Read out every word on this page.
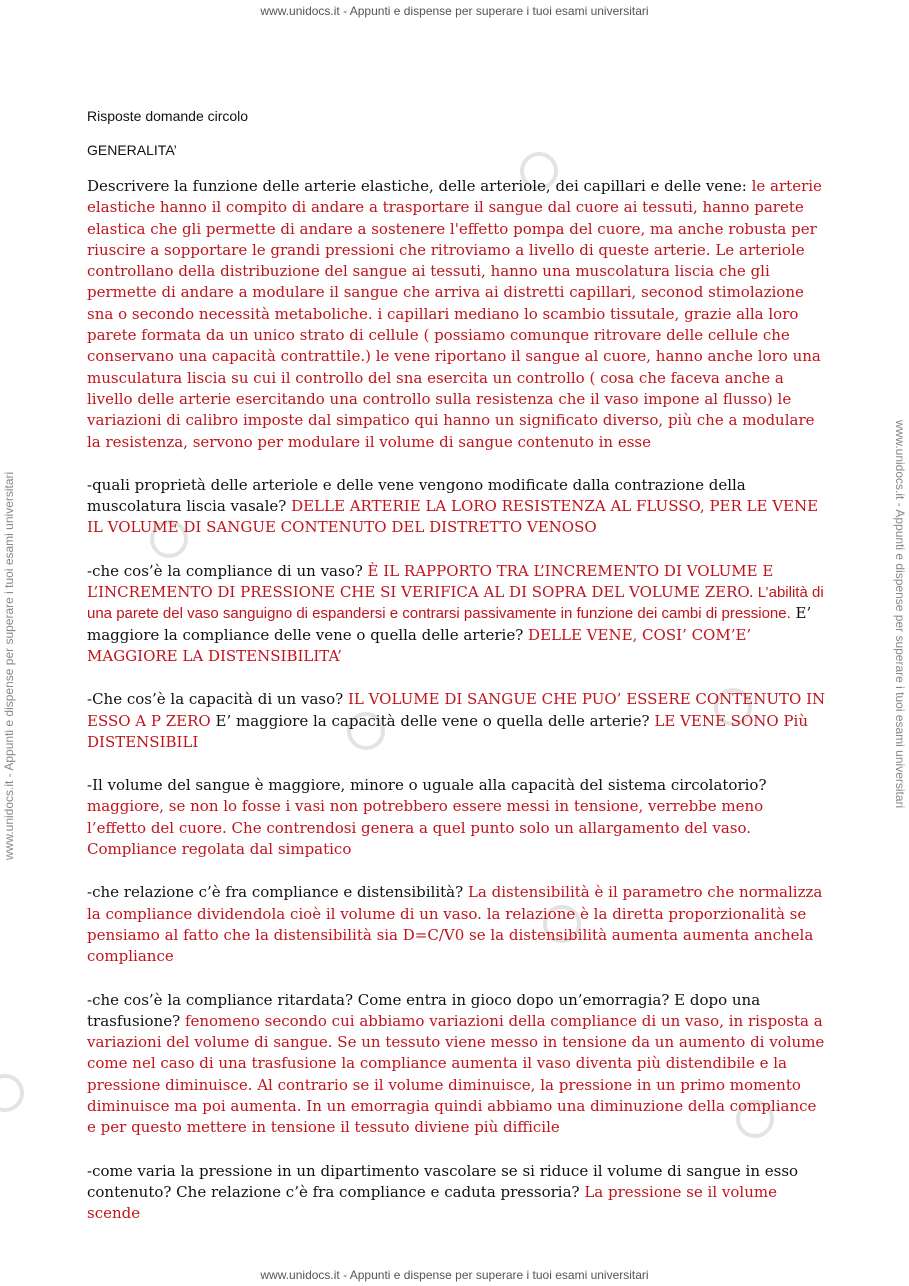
www.unidocs.it - Appunti e dispense per superare i tuoi esami universitari
www.unidocs.it - Appunti e dispense per superare i tuoi esami universitari
www.unidocs.it - Appunti e dispense per superare i tuoi esami universitari	www.unidocs.it - Appunti e dispense per superare i tuoi esami universitari
Risposte domande circolo
GENERALITA’

Descrivere la funzione delle arterie elastiche, delle arteriole, dei capillari e delle vene: le arterie elastiche hanno il compito di andare a trasportare il sangue dal cuore ai tessuti, hanno parete elastica che gli permette di andare a sostenere l'effetto pompa del cuore, ma anche robusta per riuscire a sopportare le grandi pressioni che ritroviamo a livello di queste arterie. Le arteriole controllano della distribuzione del sangue ai tessuti, hanno una muscolatura liscia che gli permette di andare a modulare il sangue che arriva ai distretti capillari, seconod stimolazione sna o secondo necessità metaboliche. i capillari mediano lo scambio tissutale, grazie alla loro parete formata da un unico strato di cellule ( possiamo comunque ritrovare delle cellule che conservano una capacità contrattile.) le vene riportano il sangue al cuore, hanno anche loro una musculatura liscia su cui il controllo del sna esercita un controllo ( cosa che faceva anche a livello delle arterie esercitando una controllo sulla resistenza che il vaso impone al flusso) le variazioni di calibro imposte dal simpatico qui hanno un significato diverso, più che a modulare la resistenza, servono per modulare il volume di sangue contenuto in esse

-quali proprietà delle arteriole e delle vene vengono modificate dalla contrazione della muscolatura liscia vasale? DELLE ARTERIE LA LORO RESISTENZA AL FLUSSO, PER LE VENE IL VOLUME DI SANGUE CONTENUTO DEL DISTRETTO VENOSO

-che cos’è la compliance di un vaso? È IL RAPPORTO TRA L’INCREMENTO DI VOLUME E L’INCREMENTO DI PRESSIONE CHE SI VERIFICA AL DI SOPRA DEL VOLUME ZERO. L’abilità di una parete del vaso sanguigno di espandersi e contrarsi passivamente in funzione dei cambi di pressione. E’ maggiore la compliance delle vene o quella delle arterie? DELLE VENE, COSI’ COM’E’ MAGGIORE LA DISTENSIBILITA’

-Che cos’è la capacità di un vaso? IL VOLUME DI SANGUE CHE PUO’ ESSERE CONTENUTO IN ESSO A P ZERO E’ maggiore la capacità delle vene o quella delle arterie? LE VENE SONO Più DISTENSIBILI

-Il volume del sangue è maggiore, minore o uguale alla capacità del sistema circolatorio? maggiore, se non lo fosse i vasi non potrebbero essere messi in tensione, verrebbe meno l’effetto del cuore. Che contrendosi genera a quel punto solo un allargamento del vaso. Compliance regolata dal simpatico

-che relazione c’è fra compliance e distensibilità? La distensibilità è il parametro che normalizza la compliance dividendola cioè il volume di un vaso. la relazione è la diretta proporzionalità se pensiamo al fatto che la distensibilità sia D=C/V0 se la distensibilità aumenta aumenta anchela compliance

-che cos’è la compliance ritardata? Come entra in gioco dopo un’emorragia? E dopo una trasfusione? fenomeno secondo cui abbiamo variazioni della compliance di un vaso, in risposta a variazioni del volume di sangue. Se un tessuto viene messo in tensione da un aumento di volume come nel caso di una trasfusione la compliance aumenta il vaso diventa più distendibile e la pressione diminuisce. Al contrario se il volume diminuisce, la pressione in un primo momento diminuisce ma poi aumenta. In un emorragia quindi abbiamo una diminuzione della compliance e per questo mettere in tensione il tessuto diviene più difficile

-come varia la pressione in un dipartimento vascolare se si riduce il volume di sangue in esso contenuto? Che relazione c’è fra compliance e caduta pressoria? La pressione se il volume scende
